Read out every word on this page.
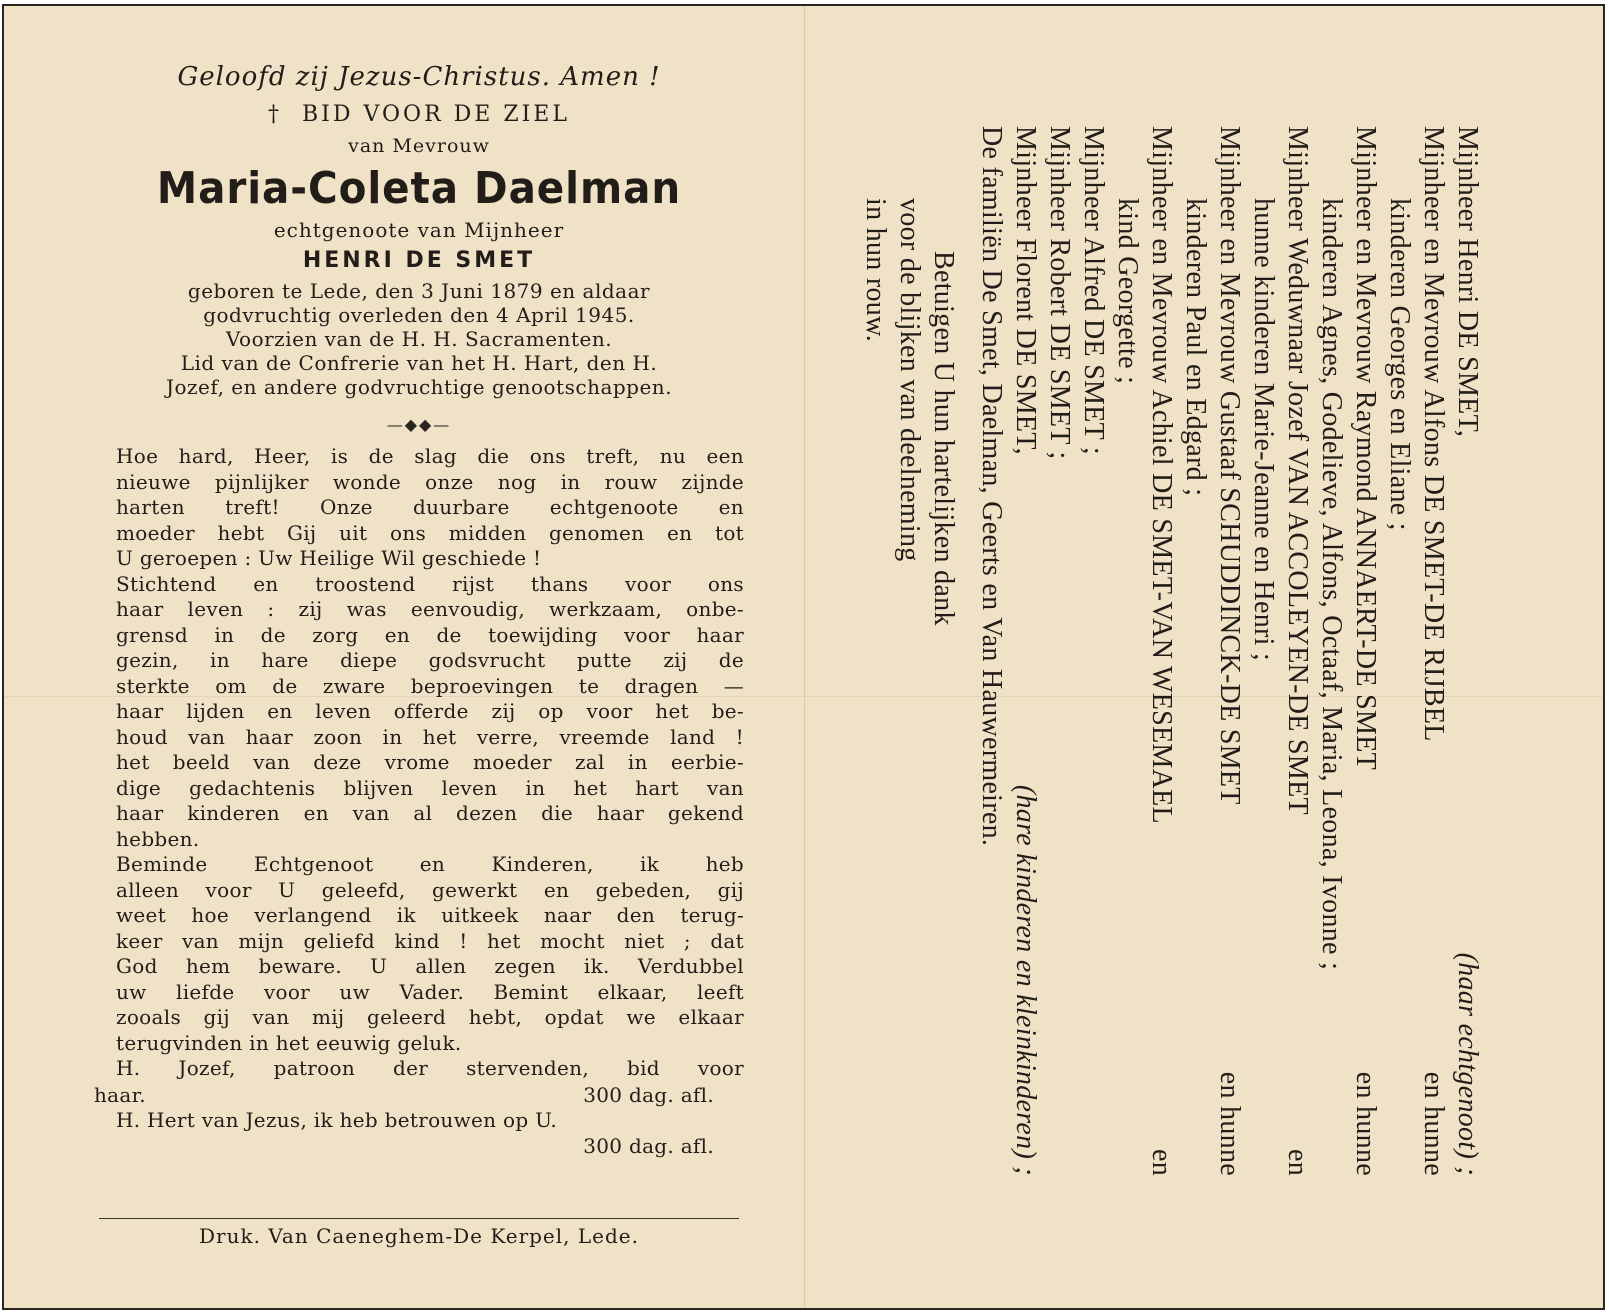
Geloofd zij Jezus-Christus. Amen !
† BID VOOR DE ZIEL
van Mevrouw
Maria-Coleta Daelman
echtgenoote van Mijnheer
HENRI DE SMET
geboren te Lede, den 3 Juni 1879 en aldaar
godvruchtig overleden den 4 April 1945.
Voorzien van de H. H. Sacramenten.
Lid van de Confrerie van het H. Hart, den H.
Jozef, en andere godvruchtige genootschappen.
—◆◆—

Hoe hard, Heer, is de slag die ons treft, nu een
nieuwe pijnlijker wonde onze nog in rouw zijnde
harten treft! Onze duurbare echtgenoote en
moeder hebt Gij uit ons midden genomen en tot
U geroepen : Uw Heilige Wil geschiede !

Stichtend en troostend rijst thans voor ons
haar leven : zij was eenvoudig, werkzaam, onbe-
grensd in de zorg en de toewijding voor haar
gezin, in hare diepe godsvrucht putte zij de
sterkte om de zware beproevingen te dragen —
haar lijden en leven offerde zij op voor het be-
houd van haar zoon in het verre, vreemde land !
het beeld van deze vrome moeder zal in eerbie-
dige gedachtenis blijven leven in het hart van
haar kinderen en van al dezen die haar gekend
hebben.

Beminde Echtgenoot en Kinderen, ik heb
alleen voor U geleefd, gewerkt en gebeden, gij
weet hoe verlangend ik uitkeek naar den terug-
keer van mijn geliefd kind ! het mocht niet ; dat
God hem beware. U allen zegen ik. Verdubbel
uw liefde voor uw Vader. Bemint elkaar, leeft
zooals gij van mij geleerd hebt, opdat we elkaar
terugvinden in het eeuwig geluk.

H. Jozef, patroon der stervenden, bid voor

haar.	300 dag. afl.

H. Hert van Jezus, ik heb betrouwen op U.

300 dag. afl.
Druk. Van Caeneghem-De Kerpel, Lede.
Mijnheer Henri DE SMET,
(haar echtgenoot) ;
Mijnheer en Mevrouw Alfons DE SMET-DE RIJBEL
en hunne
kinderen Georges en Eliane ;
Mijnheer en Mevrouw Raymond ANNAERT-DE SMET
en hunne
kinderen Agnes, Godelieve, Alfons, Octaaf, Maria, Leona, Ivonne ;
Mijnheer Weduwnaar Jozef VAN ACCOLEYEN-DE SMET
en
hunne kinderen Marie-Jeanne en Henri ;
Mijnheer en Mevrouw Gustaaf SCHUDDINCK-DE SMET
en hunne
kinderen Paul en Edgard ;
Mijnheer en Mevrouw Achiel DE SMET-VAN WESEMAEL
en
kind Georgette ;
Mijnheer Alfred DE SMET ;
Mijnheer Robert DE SMET ;
Mijnheer Florent DE SMET,
(hare kinderen en kleinkinderen) ;
De familiën De Smet, Daelman, Geerts en Van Hauwermeiren.
Betuigen U hun hartelijken dank
voor de blijken van deelneming
in hun rouw.
